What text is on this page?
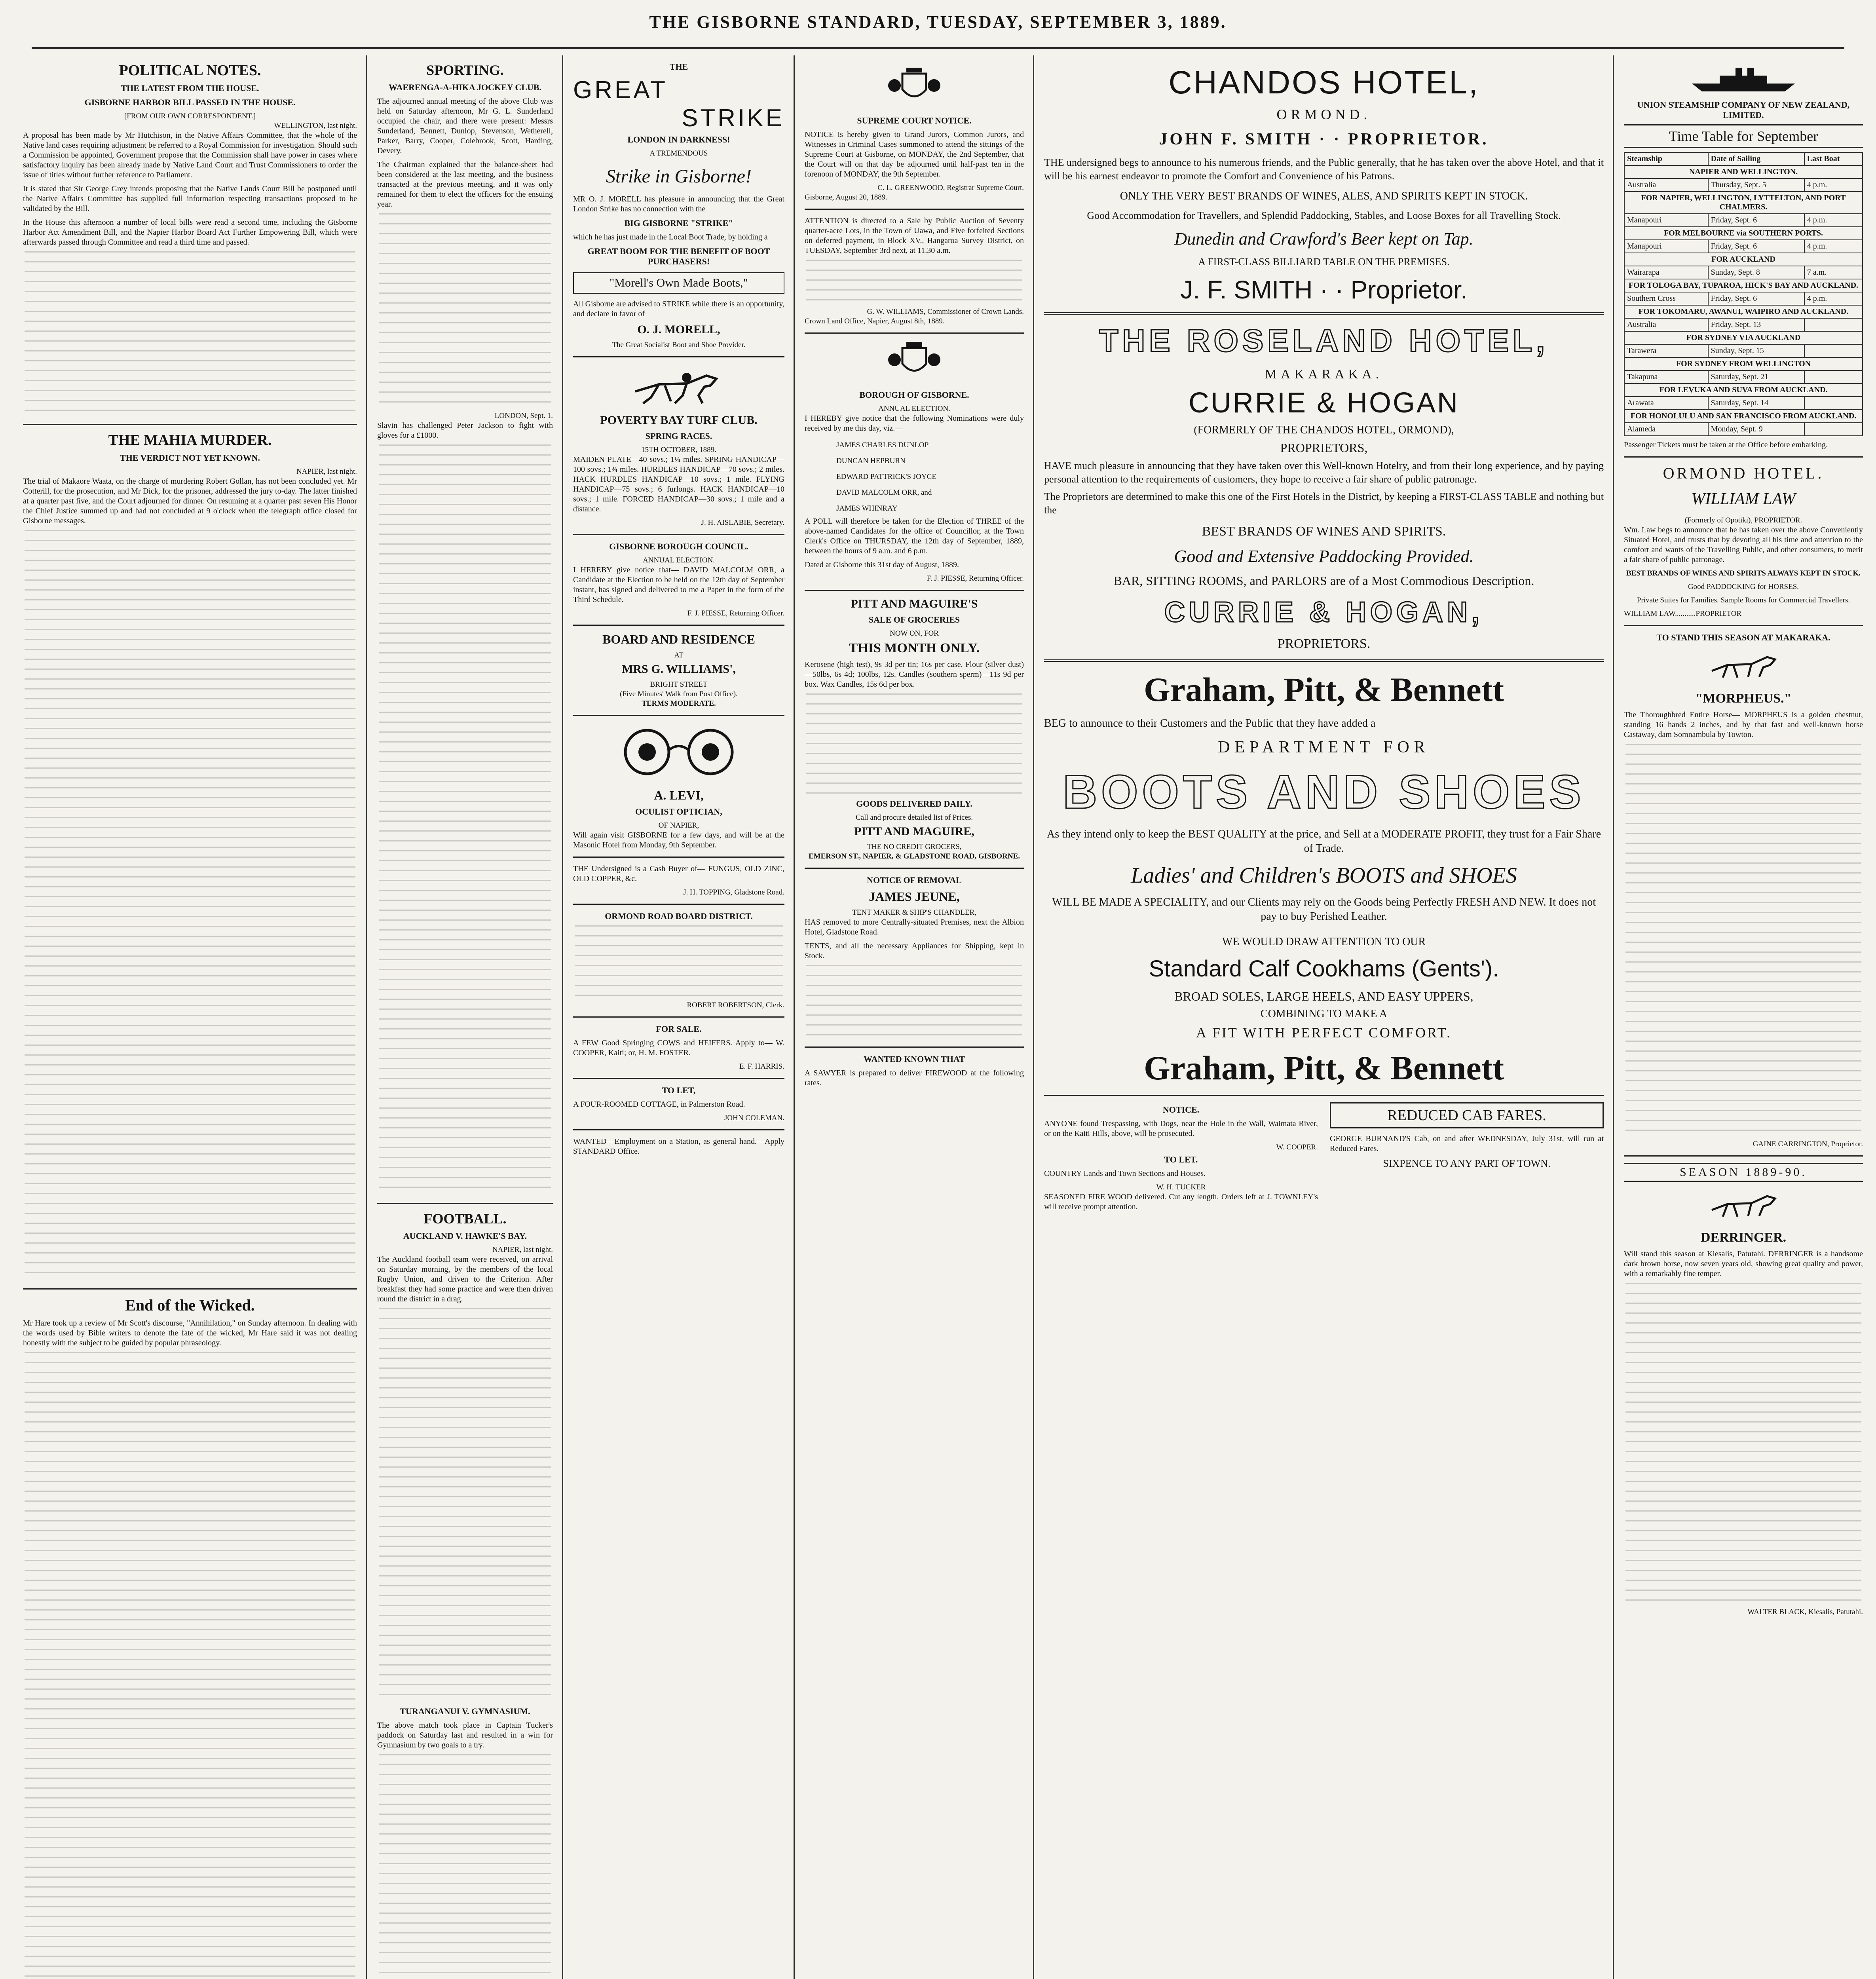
THE GISBORNE STANDARD, TUESDAY, SEPTEMBER 3, 1889.
POLITICAL NOTES.
THE LATEST FROM THE HOUSE.
GISBORNE HARBOR BILL PASSED IN THE HOUSE.
[FROM OUR OWN CORRESPONDENT.]
WELLINGTON, last night.

A proposal has been made by Mr Hutchison, in the Native Affairs Committee, that the whole of the Native land cases requiring adjustment be referred to a Royal Commission for investigation. Should such a Commission be appointed, Government propose that the Commission shall have power in cases where satisfactory inquiry has been already made by Native Land Court and Trust Commissioners to order the issue of titles without further reference to Parliament.

It is stated that Sir George Grey intends proposing that the Native Lands Court Bill be postponed until the Native Affairs Committee has supplied full information respecting transactions proposed to be validated by the Bill.

In the House this afternoon a number of local bills were read a second time, including the Gisborne Harbor Act Amendment Bill, and the Napier Harbor Board Act Further Empowering Bill, which were afterwards passed through Committee and read a third time and passed.

THE MAHIA MURDER.
THE VERDICT NOT YET KNOWN.
NAPIER, last night.

The trial of Makaore Waata, on the charge of murdering Robert Gollan, has not been concluded yet. Mr Cotterill, for the prosecution, and Mr Dick, for the prisoner, addressed the jury to-day. The latter finished at a quarter past five, and the Court adjourned for dinner. On resuming at a quarter past seven His Honor the Chief Justice summed up and had not concluded at 9 o'clock when the telegraph office closed for Gisborne messages.

End of the Wicked.

Mr Hare took up a review of Mr Scott's discourse, "Annihilation," on Sunday afternoon. In dealing with the words used by Bible writers to denote the fate of the wicked, Mr Hare said it was not dealing honestly with the subject to be guided by popular phraseology.

SPORTING.
WAERENGA-A-HIKA JOCKEY CLUB.

The adjourned annual meeting of the above Club was held on Saturday afternoon, Mr G. L. Sunderland occupied the chair, and there were present: Messrs Sunderland, Bennett, Dunlop, Stevenson, Wetherell, Parker, Barry, Cooper, Colebrook, Scott, Harding, Devery.

The Chairman explained that the balance-sheet had been considered at the last meeting, and the business transacted at the previous meeting, and it was only remained for them to elect the officers for the ensuing year.

LONDON, Sept. 1.

Slavin has challenged Peter Jackson to fight with gloves for a £1000.

FOOTBALL.
AUCKLAND V. HAWKE'S BAY.
NAPIER, last night.

The Auckland football team were received, on arrival on Saturday morning, by the members of the local Rugby Union, and driven to the Criterion. After breakfast they had some practice and were then driven round the district in a drag.

TURANGANUI V. GYMNASIUM.

The above match took place in Captain Tucker's paddock on Saturday last and resulted in a win for Gymnasium by two goals to a try.

THE
GREAT
STRIKE
LONDON IN DARKNESS!
A TREMENDOUS
Strike in Gisborne!

MR O. J. MORELL has pleasure in announcing that the Great London Strike has no connection with the

BIG GISBORNE "STRIKE"

which he has just made in the Local Boot Trade, by holding a

GREAT BOOM FOR THE BENEFIT OF BOOT PURCHASERS!
"Morell's Own Made Boots,"

All Gisborne are advised to STRIKE while there is an opportunity, and declare in favor of

O. J. MORELL,
The Great Socialist Boot and Shoe Provider.
POVERTY BAY TURF CLUB.
SPRING RACES.
15TH OCTOBER, 1889.

MAIDEN PLATE—40 sovs.; 1¼ miles. SPRING HANDICAP—100 sovs.; 1¾ miles. HURDLES HANDICAP—70 sovs.; 2 miles. HACK HURDLES HANDICAP—10 sovs.; 1 mile. FLYING HANDICAP—75 sovs.; 6 furlongs. HACK HANDICAP—10 sovs.; 1 mile. FORCED HANDICAP—30 sovs.; 1 mile and a distance.

J. H. AISLABIE, Secretary.
GISBORNE BOROUGH COUNCIL.
ANNUAL ELECTION.

I HEREBY give notice that— DAVID MALCOLM ORR, a Candidate at the Election to be held on the 12th day of September instant, has signed and delivered to me a Paper in the form of the Third Schedule.

F. J. PIESSE, Returning Officer.
BOARD AND RESIDENCE
AT
MRS G. WILLIAMS',
BRIGHT STREET
(Five Minutes' Walk from Post Office).
TERMS MODERATE.
A. LEVI,
OCULIST OPTICIAN,
OF NAPIER,

Will again visit GISBORNE for a few days, and will be at the Masonic Hotel from Monday, 9th September.

THE Undersigned is a Cash Buyer of— FUNGUS, OLD ZINC, OLD COPPER, &c.

J. H. TOPPING, Gladstone Road.
ORMOND ROAD BOARD DISTRICT.
ROBERT ROBERTSON, Clerk.
FOR SALE.

A FEW Good Springing COWS and HEIFERS. Apply to— W. COOPER, Kaiti; or, H. M. FOSTER.

E. F. HARRIS.
TO LET,

A FOUR-ROOMED COTTAGE, in Palmerston Road.

JOHN COLEMAN.

WANTED—Employment on a Station, as general hand.—Apply STANDARD Office.

SUPREME COURT NOTICE.

NOTICE is hereby given to Grand Jurors, Common Jurors, and Witnesses in Criminal Cases summoned to attend the sittings of the Supreme Court at Gisborne, on MONDAY, the 2nd September, that the Court will on that day be adjourned until half-past ten in the forenoon of MONDAY, the 9th September.

C. L. GREENWOOD, Registrar Supreme Court.
Gisborne, August 20, 1889.

ATTENTION is directed to a Sale by Public Auction of Seventy quarter-acre Lots, in the Town of Uawa, and Five forfeited Sections on deferred payment, in Block XV., Hangaroa Survey District, on TUESDAY, September 3rd next, at 11.30 a.m.

G. W. WILLIAMS, Commissioner of Crown Lands.
Crown Land Office, Napier, August 8th, 1889.
BOROUGH OF GISBORNE.
ANNUAL ELECTION.

I HEREBY give notice that the following Nominations were duly received by me this day, viz.—

JAMES CHARLES DUNLOP
DUNCAN HEPBURN
EDWARD PATTRICK'S JOYCE
DAVID MALCOLM ORR, and
JAMES WHINRAY

A POLL will therefore be taken for the Election of THREE of the above-named Candidates for the office of Councillor, at the Town Clerk's Office on THURSDAY, the 12th day of September, 1889, between the hours of 9 a.m. and 6 p.m.

Dated at Gisborne this 31st day of August, 1889.

F. J. PIESSE, Returning Officer.
PITT AND MAGUIRE'S
SALE OF GROCERIES
NOW ON, FOR
THIS MONTH ONLY.

Kerosene (high test), 9s 3d per tin; 16s per case. Flour (silver dust)—50lbs, 6s 4d; 100lbs, 12s. Candles (southern sperm)—11s 9d per box. Wax Candles, 15s 6d per box.

GOODS DELIVERED DAILY.
Call and procure detailed list of Prices.
PITT AND MAGUIRE,
THE NO CREDIT GROCERS,
EMERSON ST., NAPIER, & GLADSTONE ROAD, GISBORNE.
NOTICE OF REMOVAL
JAMES JEUNE,
TENT MAKER & SHIP'S CHANDLER,

HAS removed to more Centrally-situated Premises, next the Albion Hotel, Gladstone Road.

TENTS, and all the necessary Appliances for Shipping, kept in Stock.

WANTED KNOWN THAT

A SAWYER is prepared to deliver FIREWOOD at the following rates.

CHANDOS HOTEL,
ORMOND.
JOHN F. SMITH · · PROPRIETOR.

THE undersigned begs to announce to his numerous friends, and the Public generally, that he has taken over the above Hotel, and that it will be his earnest endeavor to promote the Comfort and Convenience of his Patrons.

ONLY THE VERY BEST BRANDS OF WINES, ALES, AND SPIRITS KEPT IN STOCK.
Good Accommodation for Travellers, and Splendid Paddocking, Stables, and Loose Boxes for all Travelling Stock.
Dunedin and Crawford's Beer kept on Tap.
A FIRST-CLASS BILLIARD TABLE ON THE PREMISES.
J. F. SMITH · · Proprietor.
THE ROSELAND HOTEL,
MAKARAKA.
CURRIE & HOGAN
(FORMERLY OF THE CHANDOS HOTEL, ORMOND),
PROPRIETORS,

HAVE much pleasure in announcing that they have taken over this Well-known Hotelry, and from their long experience, and by paying personal attention to the requirements of customers, they hope to receive a fair share of public patronage.

The Proprietors are determined to make this one of the First Hotels in the District, by keeping a FIRST-CLASS TABLE and nothing but the

BEST BRANDS OF WINES AND SPIRITS.
Good and Extensive Paddocking Provided.
BAR, SITTING ROOMS, and PARLORS are of a Most Commodious Description.
CURRIE & HOGAN,
PROPRIETORS.
Graham, Pitt, & Bennett

BEG to announce to their Customers and the Public that they have added a

DEPARTMENT FOR
BOOTS AND SHOES
As they intend only to keep the BEST QUALITY at the price, and Sell at a MODERATE PROFIT, they trust for a Fair Share of Trade.
Ladies' and Children's BOOTS and SHOES
WILL BE MADE A SPECIALITY, and our Clients may rely on the Goods being Perfectly FRESH AND NEW. It does not pay to buy Perished Leather.
WE WOULD DRAW ATTENTION TO OUR
Standard Calf Cookhams (Gents').
BROAD SOLES, LARGE HEELS, AND EASY UPPERS,
COMBINING TO MAKE A
A FIT WITH PERFECT COMFORT.
Graham, Pitt, & Bennett
NOTICE.

ANYONE found Trespassing, with Dogs, near the Hole in the Wall, Waimata River, or on the Kaiti Hills, above, will be prosecuted.

W. COOPER.
TO LET.

COUNTRY Lands and Town Sections and Houses.

W. H. TUCKER

SEASONED FIRE WOOD delivered. Cut any length. Orders left at J. TOWNLEY's will receive prompt attention.

REDUCED CAB FARES.

GEORGE BURNAND'S Cab, on and after WEDNESDAY, July 31st, will run at Reduced Fares.

SIXPENCE TO ANY PART OF TOWN.
UNION STEAMSHIP COMPANY OF NEW ZEALAND, LIMITED.
Time Table for September
Steamship	Date of Sailing	Last Boat
NAPIER AND WELLINGTON.		
Australia	Thursday, Sept. 5	4 p.m.
FOR NAPIER, WELLINGTON, LYTTELTON, AND PORT CHALMERS.		
Manapouri	Friday, Sept. 6	4 p.m.
FOR MELBOURNE via SOUTHERN PORTS.		
Manapouri	Friday, Sept. 6	4 p.m.
FOR AUCKLAND		
Wairarapa	Sunday, Sept. 8	7 a.m.
FOR TOLOGA BAY, TUPAROA, HICK'S BAY AND AUCKLAND.		
Southern Cross	Friday, Sept. 6	4 p.m.
FOR TOKOMARU, AWANUI, WAIPIRO AND AUCKLAND.		
Australia	Friday, Sept. 13	
FOR SYDNEY VIA AUCKLAND		
Tarawera	Sunday, Sept. 15	
FOR SYDNEY FROM WELLINGTON		
Takapuna	Saturday, Sept. 21	
FOR LEVUKA AND SUVA FROM AUCKLAND.		
Arawata	Saturday, Sept. 14	
FOR HONOLULU AND SAN FRANCISCO FROM AUCKLAND.		
Alameda	Monday, Sept. 9	

Passenger Tickets must be taken at the Office before embarking.

ORMOND HOTEL.
WILLIAM LAW
(Formerly of Opotiki), PROPRIETOR.

Wm. Law begs to announce that he has taken over the above Conveniently Situated Hotel, and trusts that by devoting all his time and attention to the comfort and wants of the Travelling Public, and other consumers, to merit a fair share of public patronage.

BEST BRANDS OF WINES AND SPIRITS ALWAYS KEPT IN STOCK.
Good PADDOCKING for HORSES.
Private Suites for Families. Sample Rooms for Commercial Travellers.
WILLIAM LAW...........PROPRIETOR
TO STAND THIS SEASON AT MAKARAKA.
"MORPHEUS."

The Thoroughbred Entire Horse— MORPHEUS is a golden chestnut, standing 16 hands 2 inches, and by that fast and well-known horse Castaway, dam Somnambula by Towton.

GAINE CARRINGTON, Proprietor.
SEASON 1889-90.
DERRINGER.

Will stand this season at Kiesalis, Patutahi. DERRINGER is a handsome dark brown horse, now seven years old, showing great quality and power, with a remarkably fine temper.

WALTER BLACK, Kiesalis, Patutahi.
